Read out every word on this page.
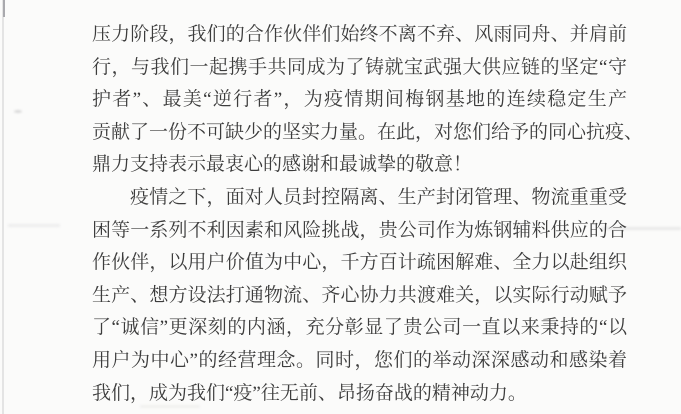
压力阶段，我们的合作伙伴们始终不离不弃、风雨同舟、并肩前
行，与我们一起携手共同成为了铸就宝武强大供应链的坚定“守
护者”、最美“逆行者”，为疫情期间梅钢基地的连续稳定生产
贡献了一份不可缺少的坚实力量。在此，对您们给予的同心抗疫、
鼎力支持表示最衷心的感谢和最诚挚的敬意！
疫情之下，面对人员封控隔离、生产封闭管理、物流重重受
困等一系列不利因素和风险挑战，贵公司作为炼钢辅料供应的合
作伙伴，以用户价值为中心，千方百计疏困解难、全力以赴组织
生产、想方设法打通物流、齐心协力共渡难关，以实际行动赋予
了“诚信”更深刻的内涵，充分彰显了贵公司一直以来秉持的“以
用户为中心”的经营理念。同时，您们的举动深深感动和感染着
我们，成为我们“疫”往无前、昂扬奋战的精神动力。
